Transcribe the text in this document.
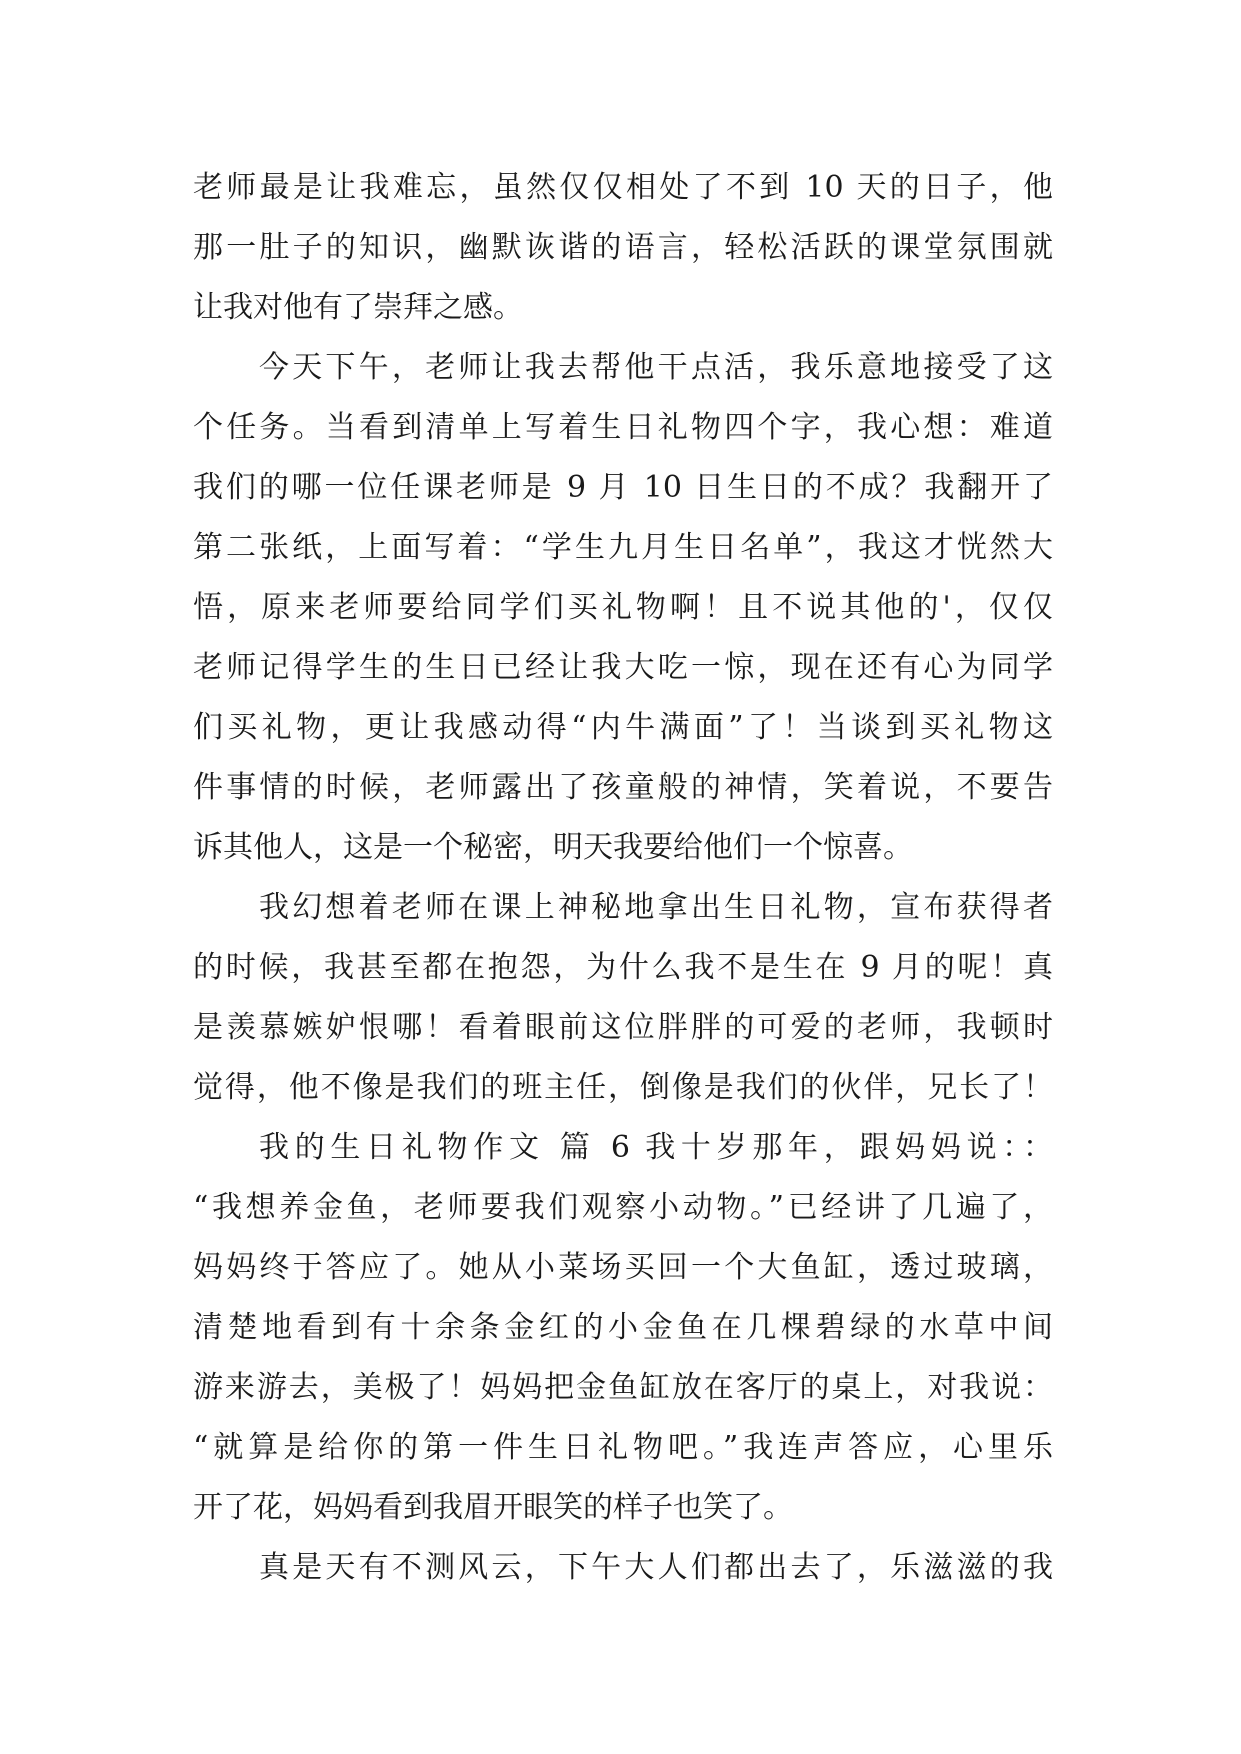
老师最是让我难忘，虽然仅仅相处了不到 10 天的日子，他
那一肚子的知识，幽默诙谐的语言，轻松活跃的课堂氛围就
让我对他有了崇拜之感。
今天下午，老师让我去帮他干点活，我乐意地接受了这
个任务。当看到清单上写着生日礼物四个字，我心想：难道
我们的哪一位任课老师是 9 月 10 日生日的不成？我翻开了
第二张纸，上面写着：“学生九月生日名单”，我这才恍然大
悟，原来老师要给同学们买礼物啊！且不说其他的'，仅仅
老师记得学生的生日已经让我大吃一惊，现在还有心为同学
们买礼物，更让我感动得“内牛满面”了！当谈到买礼物这
件事情的时候，老师露出了孩童般的神情，笑着说，不要告
诉其他人，这是一个秘密，明天我要给他们一个惊喜。
我幻想着老师在课上神秘地拿出生日礼物，宣布获得者
的时候，我甚至都在抱怨，为什么我不是生在 9 月的呢！真
是羡慕嫉妒恨哪！看着眼前这位胖胖的可爱的老师，我顿时
觉得，他不像是我们的班主任，倒像是我们的伙伴，兄长了！
我的生日礼物作文 篇 6 我十岁那年，跟妈妈说：：
“我想养金鱼，老师要我们观察小动物。”已经讲了几遍了，
妈妈终于答应了。她从小菜场买回一个大鱼缸，透过玻璃，
清楚地看到有十余条金红的小金鱼在几棵碧绿的水草中间
游来游去，美极了！妈妈把金鱼缸放在客厅的桌上，对我说：
“就算是给你的第一件生日礼物吧。”我连声答应，心里乐
开了花，妈妈看到我眉开眼笑的样子也笑了。
真是天有不测风云，下午大人们都出去了，乐滋滋的我
